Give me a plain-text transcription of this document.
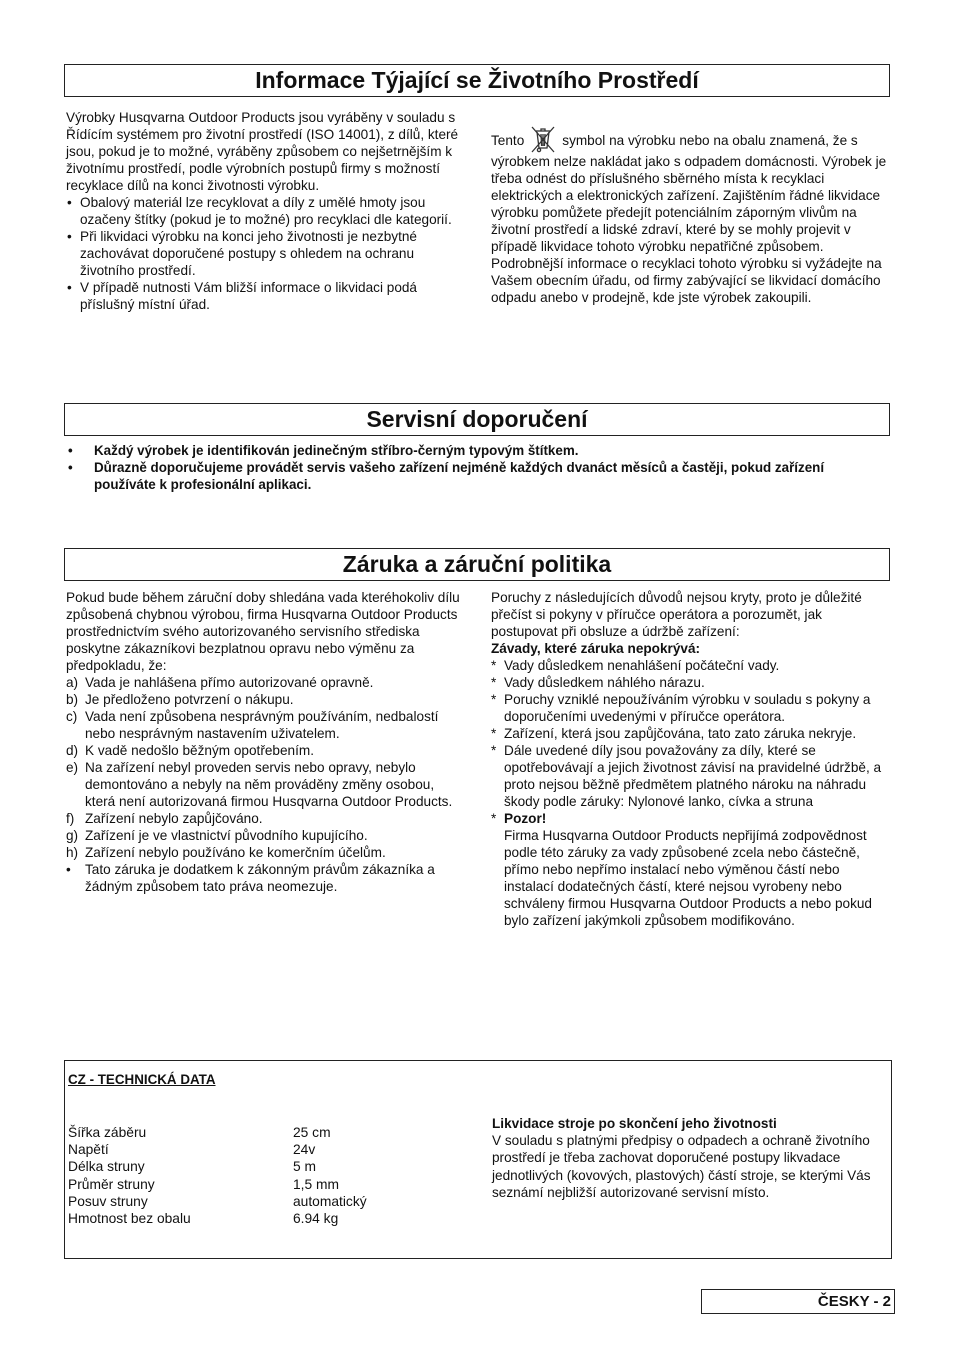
Informace Týjající se Životního Prostředí

Výrobky Husqvarna Outdoor Products jsou vyráběny v souladu s Řídícím systémem pro životní prostředí (ISO 14001), z dílů, které jsou, pokud je to možné, vyráběny způsobem co nejšetrnějším k životnímu prostředí, podle výrobních postupů firmy s možností recyklace dílů na konci životnosti výrobku.

• Obalový materiál lze recyklovat a díly z umělé hmoty jsou ozačeny štítky (pokud je to možné) pro recyklaci dle kategorií.
• Při likvidaci výrobku na konci jeho životnosti je nezbytné zachovávat doporučené postupy s ohledem na ochranu životního prostředí.
• V případě nutnosti Vám bližší informace o likvidaci podá příslušný místní úřad.

Tento	symbol na výrobku nebo na obalu znamená, že s výrobkem nelze nakládat jako s odpadem domácnosti. Výrobek je třeba odnést do příslušného sběrného místa k recyklaci elektrických a elektronických zařízení. Zajištěním řádné likvidace výrobku pomůžete předejít potenciálním záporným vlivům na životní prostředí a lidské zdraví, které by se mohly projevit v případě likvidace tohoto výrobku nepatřičné způsobem. Podrobnější informace o recyklaci tohoto výrobku si vyžádejte na Vašem obecním úřadu, od firmy zabývající se likvidací domácího odpadu anebo v prodejně, kde jste výrobek zakoupili.

Servisní doporučení
• Každý výrobek je identifikován jedinečným stříbro-černým typovým štítkem.
• Důrazně doporučujeme provádět servis vašeho zařízení nejméně každých dvanáct měsíců a častěji, pokud zařízení používáte k profesionální aplikaci.
Záruka a záruční politika

Pokud bude během záruční doby shledána vada kteréhokoliv dílu způsobená chybnou výrobou, firma Husqvarna Outdoor Products prostřednictvím svého autorizovaného servisního střediska poskytne zákazníkovi bezplatnou opravu nebo výměnu za předpokladu, že:

a) Vada je nahlášena přímo autorizované opravně.
b) Je předloženo potvrzení o nákupu.
c) Vada není způsobena nesprávným používáním, nedbalostí nebo nesprávným nastavením uživatelem.
d) K vadě nedošlo běžným opotřebením.
e) Na zařízení nebyl proveden servis nebo opravy, nebylo demontováno a nebyly na něm prováděny změny osobou, která není autorizovaná firmou Husqvarna Outdoor Products.
f) Zařízení nebylo zapůjčováno.
g) Zařízení je ve vlastnictví původního kupujícího.
h) Zařízení nebylo používáno ke komerčním účelům.
• Tato záruka je dodatkem k zákonným právům zákazníka a žádným způsobem tato práva neomezuje.

Poruchy z následujících důvodů nejsou kryty, proto je důležité přečíst si pokyny v příručce operátora a porozumět, jak postupovat při obsluze a údržbě zařízení:

Závady, které záruka nepokrývá:

* Vady důsledkem nenahlášení počáteční vady.
* Vady důsledkem náhlého nárazu.
* Poruchy vzniklé nepoužíváním výrobku v souladu s pokyny a doporučeními uvedenými v příručce operátora.
* Zařízení, která jsou zapůjčována, tato zato záruka nekryje.
* Dále uvedené díly jsou považovány za díly, které se opotřebovávají a jejich životnost závisí na pravidelné údržbě, a proto nejsou běžně předmětem platného nároku na náhradu škody podle záruky: Nylonové lanko, cívka a struna
* Pozor!
Firma Husqvarna Outdoor Products nepřijímá zodpovědnost podle této záruky za vady způsobené zcela nebo částečně, přímo nebo nepřímo instalací nebo výměnou částí nebo instalací dodatečných částí, které nejsou vyrobeny nebo schváleny firmou Husqvarna Outdoor Products a nebo pokud bylo zařízení jakýmkoli způsobem modifikováno.
CZ - TECHNICKÁ DATA
Šířka záběru	25 cm
Napětí	24v
Délka struny	5 m
Průměr struny	1,5 mm
Posuv struny	automatický
Hmotnost bez obalu	6.94 kg
Likvidace stroje po skončení jeho životnosti
V souladu s platnými předpisy o odpadech a ochraně životního prostředí je třeba zachovat doporučené postupy likvadace jednotlivých (kovových, plastových) částí stroje, se kterými Vás seznámí nejbližší autorizované servisní místo.
ČESKY - 2
